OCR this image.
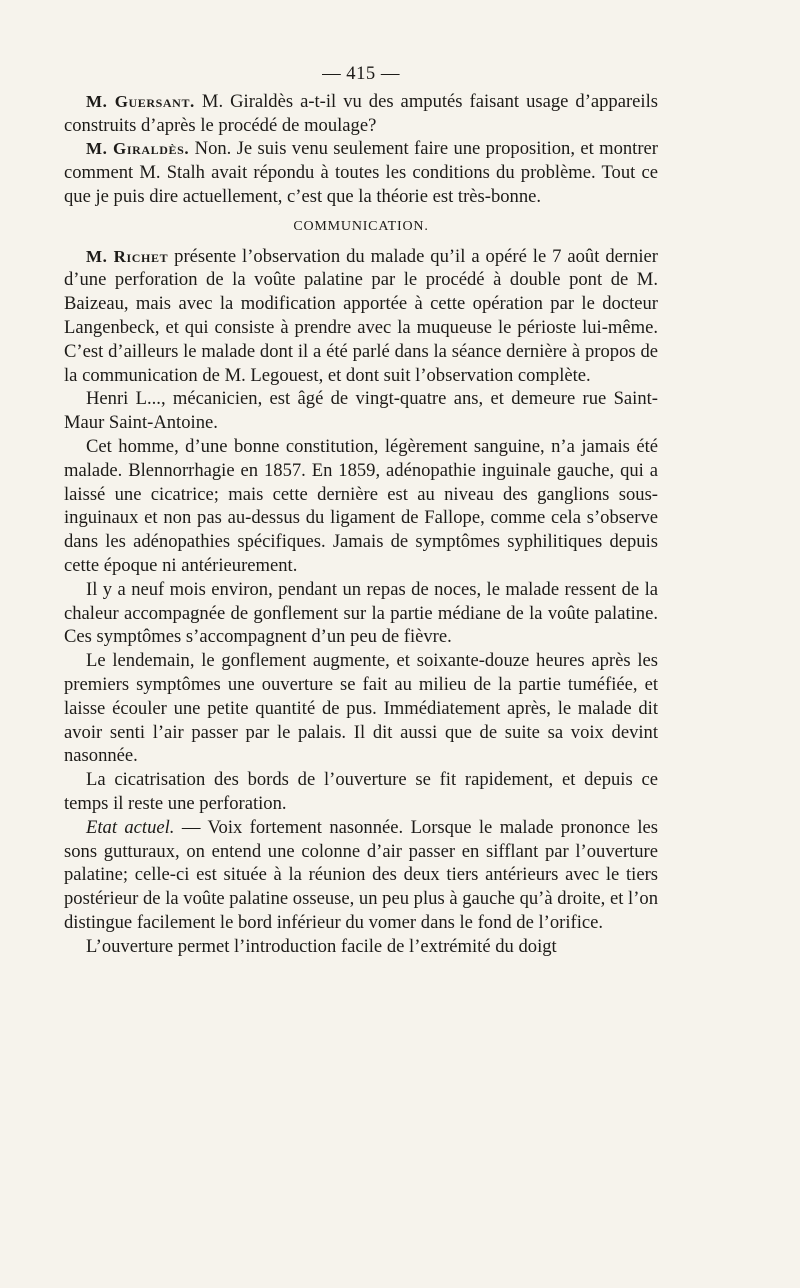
— 415 —

M. Guersant. M. Giraldès a-t-il vu des amputés faisant usage d’appareils construits d’après le procédé de moulage?

M. Giraldès. Non. Je suis venu seulement faire une proposition, et montrer comment M. Stalh avait répondu à toutes les conditions du problème. Tout ce que je puis dire actuellement, c’est que la théorie est très-bonne.

COMMUNICATION.

M. Richet présente l’observation du malade qu’il a opéré le 7 août dernier d’une perforation de la voûte palatine par le procédé à double pont de M. Baizeau, mais avec la modification apportée à cette opération par le docteur Langenbeck, et qui consiste à prendre avec la muqueuse le périoste lui-même. C’est d’ailleurs le malade dont il a été parlé dans la séance dernière à propos de la communication de M. Legouest, et dont suit l’observation complète.

Henri L..., mécanicien, est âgé de vingt-quatre ans, et demeure rue Saint-Maur Saint-Antoine.

Cet homme, d’une bonne constitution, légèrement sanguine, n’a jamais été malade. Blennorrhagie en 1857. En 1859, adénopathie inguinale gauche, qui a laissé une cicatrice; mais cette dernière est au niveau des ganglions sous-inguinaux et non pas au-dessus du ligament de Fallope, comme cela s’observe dans les adénopathies spécifiques. Jamais de symptômes syphilitiques depuis cette époque ni antérieurement.

Il y a neuf mois environ, pendant un repas de noces, le malade ressent de la chaleur accompagnée de gonflement sur la partie médiane de la voûte palatine. Ces symptômes s’accompagnent d’un peu de fièvre.

Le lendemain, le gonflement augmente, et soixante-douze heures après les premiers symptômes une ouverture se fait au milieu de la partie tuméfiée, et laisse écouler une petite quantité de pus. Immédiatement après, le malade dit avoir senti l’air passer par le palais. Il dit aussi que de suite sa voix devint nasonnée.

La cicatrisation des bords de l’ouverture se fit rapidement, et depuis ce temps il reste une perforation.

Etat actuel. — Voix fortement nasonnée. Lorsque le malade prononce les sons gutturaux, on entend une colonne d’air passer en sifflant par l’ouverture palatine; celle-ci est située à la réunion des deux tiers antérieurs avec le tiers postérieur de la voûte palatine osseuse, un peu plus à gauche qu’à droite, et l’on distingue facilement le bord inférieur du vomer dans le fond de l’orifice.

L’ouverture permet l’introduction facile de l’extrémité du doigt
